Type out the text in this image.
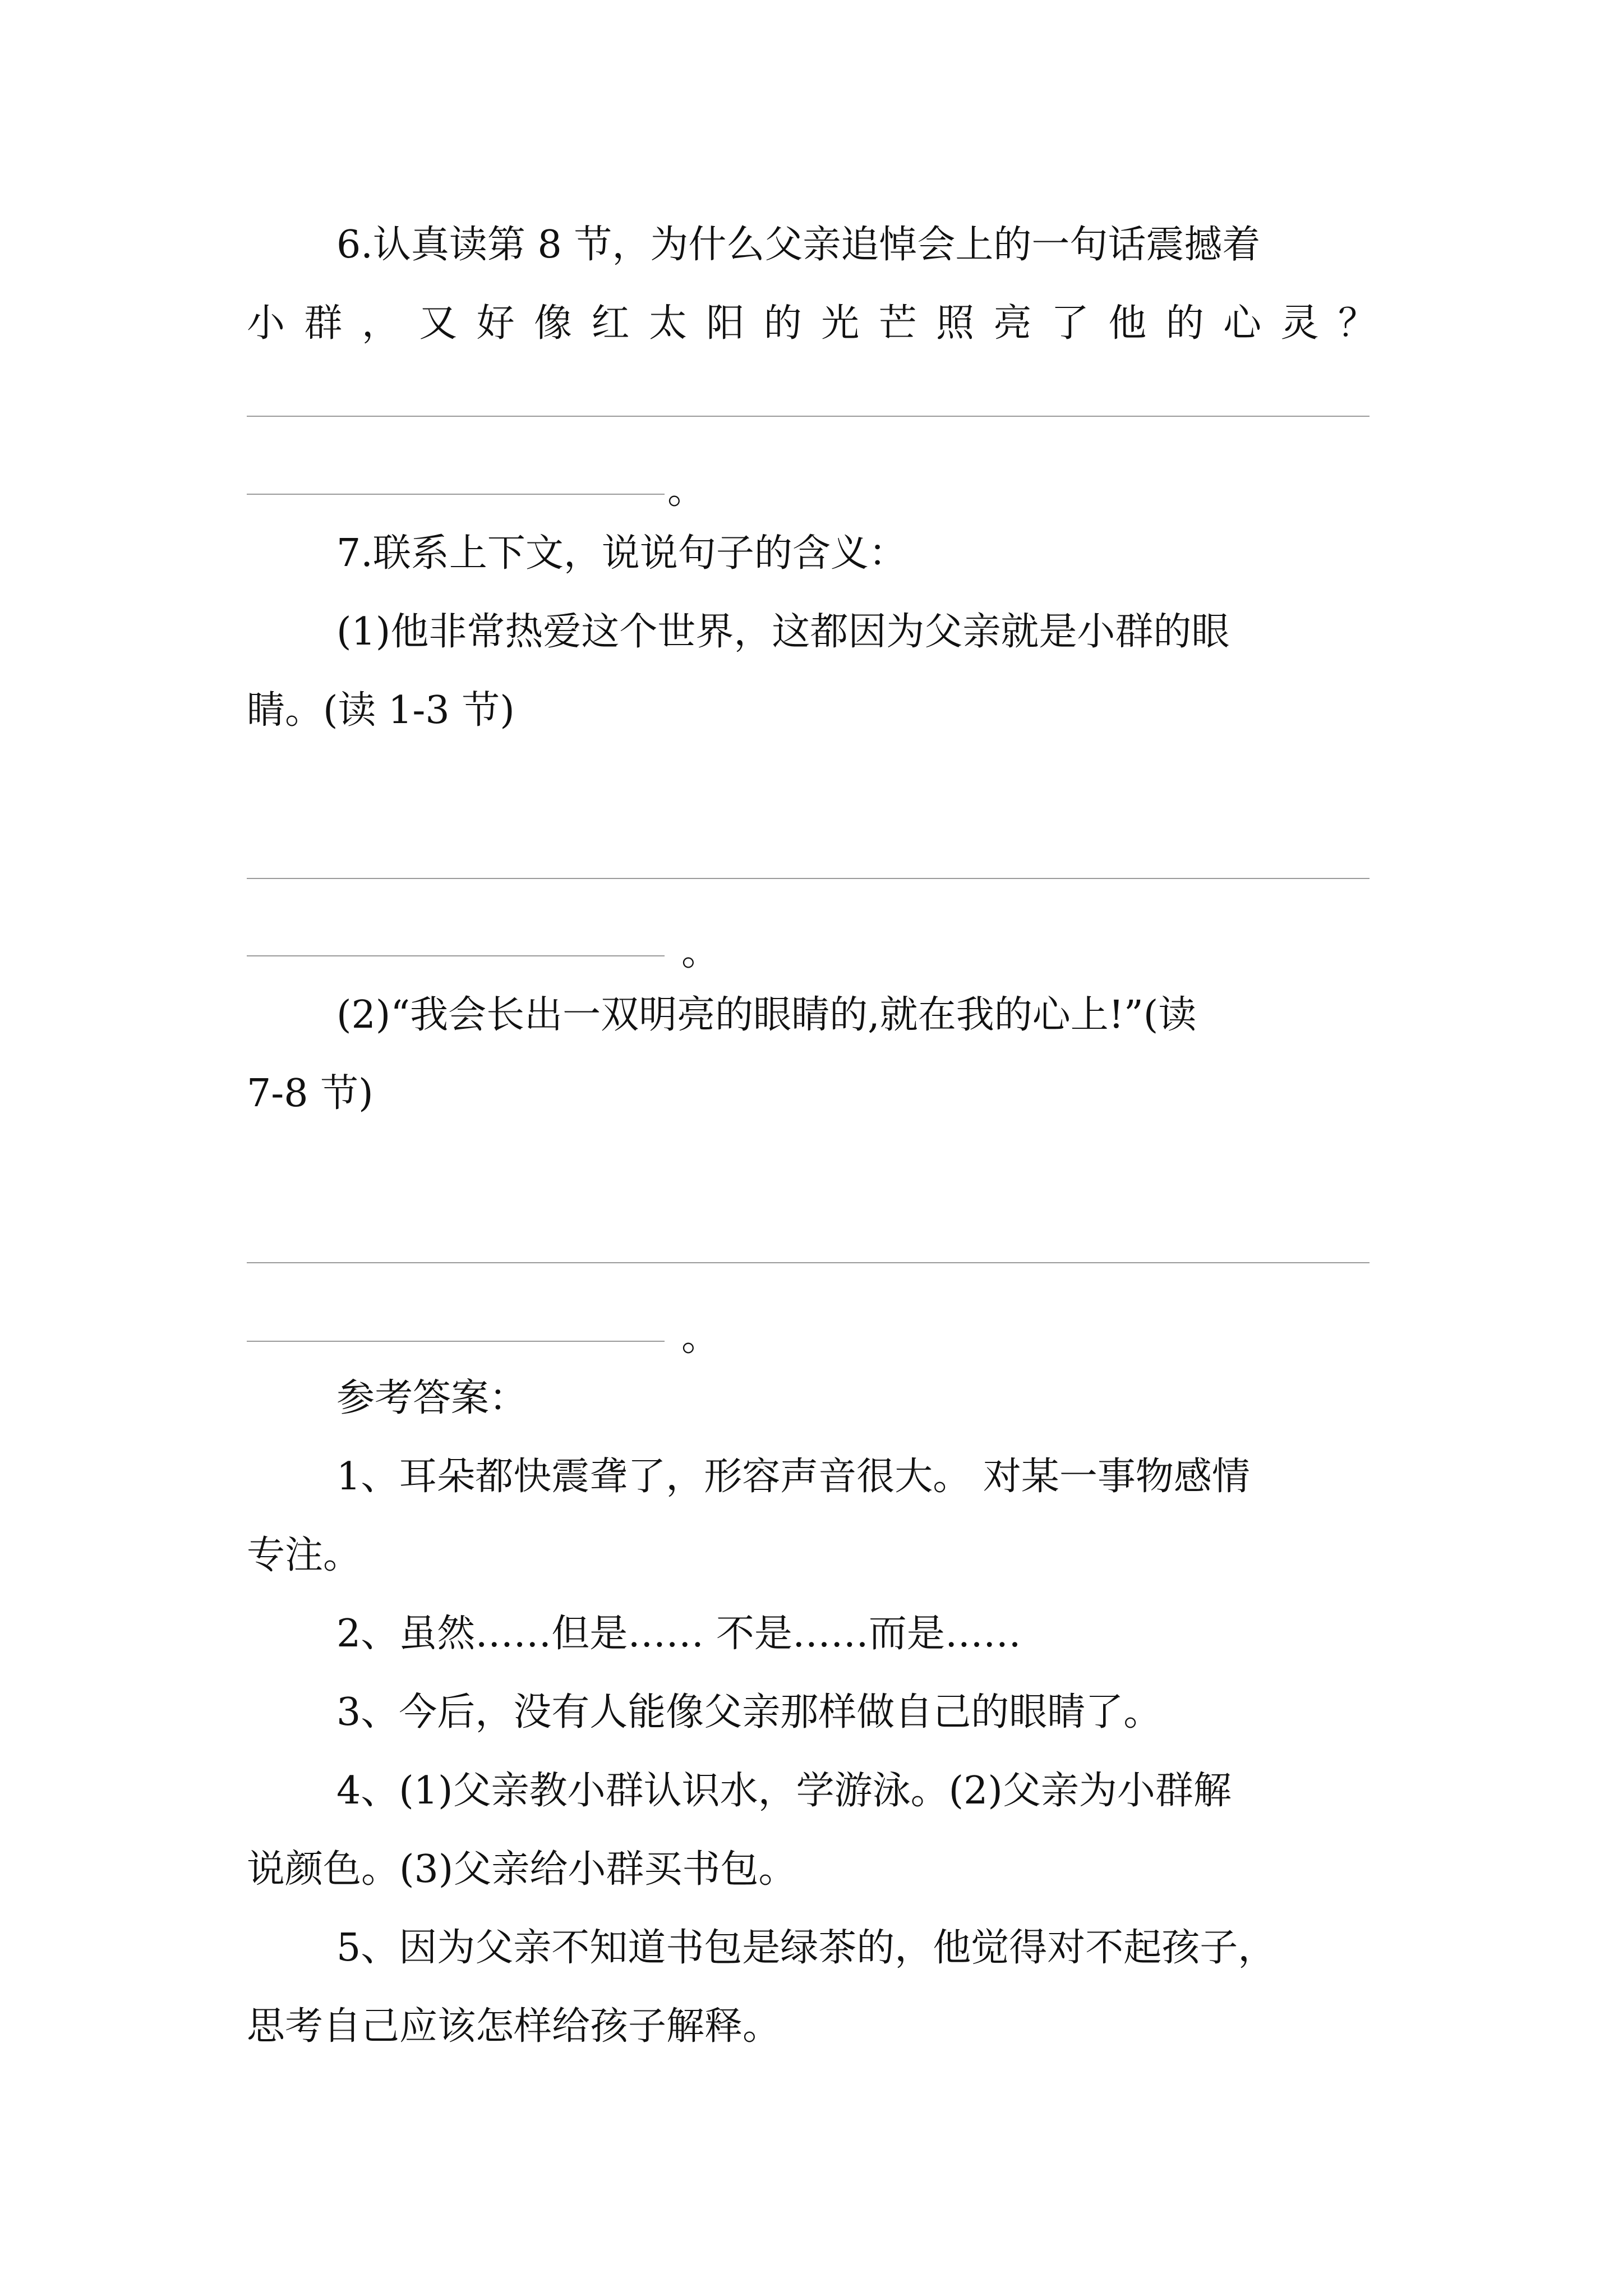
6.认真读第 8 节，为什么父亲追悼会上的一句话震撼着
小群，又好像红太阳的光芒照亮了他的心灵？
。
7.联系上下文，说说句子的含义：
(1)他非常热爱这个世界，这都因为父亲就是小群的眼
睛。(读 1-3 节)
。
(2)“我会长出一双明亮的眼睛的,就在我的心上!”(读
7-8 节)
。
参考答案：
1、耳朵都快震聋了，形容声音很大。 对某一事物感情
专注。
2、虽然……但是…… 不是……而是……
3、今后，没有人能像父亲那样做自己的眼睛了。
4、(1)父亲教小群认识水，学游泳。(2)父亲为小群解
说颜色。(3)父亲给小群买书包。
5、因为父亲不知道书包是绿茶的，他觉得对不起孩子，
思考自己应该怎样给孩子解释。
